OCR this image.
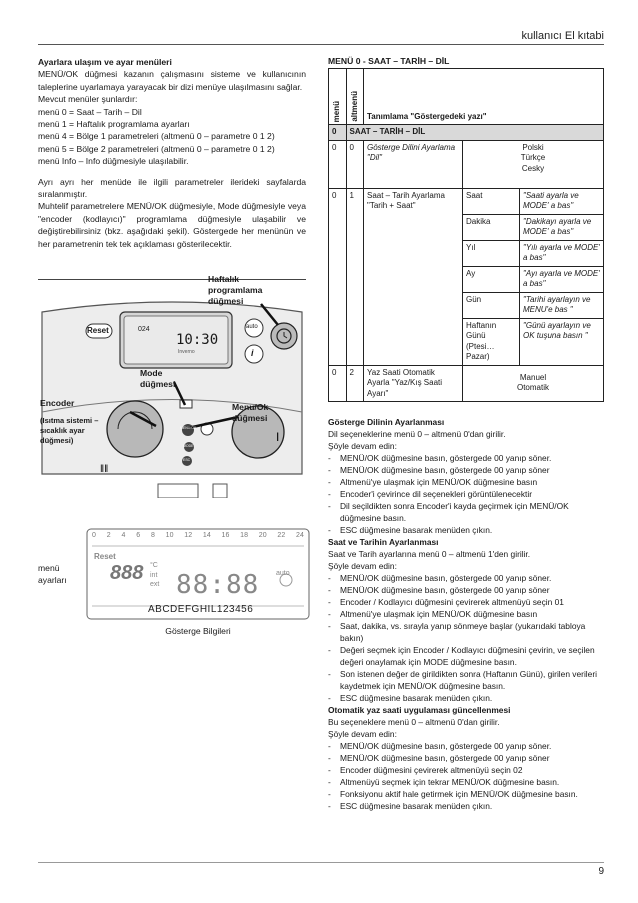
kullanıcı El kıtabi

Ayarlara ulaşım ve ayar menüleri

MENÜ/OK düğmesi kazanın çalışmasını sisteme ve kullanıcının taleplerine uyarlamaya yarayacak bir dizi menüye ulaşılmasını sağlar.

Mevcut menüler şunlardır:

menü 0 = Saat – Tarih – Dil

menü 1 = Haftalık programlama ayarları

menü 4 = Bölge 1 parametreleri (altmenü 0 – parametre 0 1 2)

menü 5 = Bölge 2 parametreleri (altmenü 0 – parametre 0 1 2)

menü Info – Info düğmesiyle ulaşılabilir.

Ayrı ayrı her menüde ile ilgili parametreler ilerideki sayfalarda sıralanmıştır.

Muhtelif parametrelere MENÜ/OK düğmesiyle, Mode düğmesiyle veya "encoder (kodlayıcı)" programlama düğmesiyle ulaşabilir ve değiştirebilirsiniz (bkz. aşağıdaki şekil). Göstergede her menünün ve her parametrenin tek tek açıklaması gösterilecektir.

‖‖
I
Haftalık programlama düğmesi
Reset	024
10:30
Inverno
auto
i
Mode düğmesi
Encoder
(Isıtma sistemi – sıcaklık ayar düğmesi)
Menu/Ok düğmesi
MENU/OK
MODE
ESC
menü ayarları
0 2 4 6 8 10 12 14 16 18 20 22 24
Reset
888 °C
int
ext 88:88 auto
ABCDEFGHIL123456
Gösterge Bilgileri
MENÜ 0 - SAAT – TARİH – DİL
menü	altmenü	Tanımlama "Göstergedeki yazı"		
0	SAAT – TARİH – DİL			
0	0	Gösterge Dilini Ayarlama "Dil"	Polski
Türkçe
Cesky	

0	1	Saat – Tarih Ayarlama "Tarih + Saat"	Saat	"Saati ayarla ve MODE' a bas"
			Dakika	"Dakikayı ayarla ve MODE' a bas"
			Yıl	"Yılı ayarla ve MODE' a bas"
			Ay	"Ayı ayarla ve MODE' a bas"
			Gün	"Tarihi ayarlayın ve MENU'e bas "
			Haftanın Günü (Ptesi… Pazar)	"Günü ayarlayın ve OK tuşuna basın "
0	2	Yaz Saati Otomatik Ayarla "Yaz/Kış Saati Ayarı"	Manuel
Otomatik	
Gösterge Dilinin Ayarlanması
Dil seçeneklerine menü 0 – altmenü 0'dan girilir.
Şöyle devam edin:
- MENÜ/OK düğmesine basın, göstergede 00 yanıp söner.
- MENÜ/OK düğmesine basın, göstergede 00 yanıp söner
- Altmenü'ye ulaşmak için MENÜ/OK düğmesine basın
- Encoder'i çevirince dil seçenekleri görüntülenecektir
- Dil seçildikten sonra Encoder'i kayda geçirmek için MENÜ/OK düğmesine basın.
- ESC düğmesine basarak menüden çıkın.
Saat ve Tarihin Ayarlanması
Saat ve Tarih ayarlarına menü 0 – altmenü 1'den girilir.
Şöyle devam edin:
- MENÜ/OK düğmesine basın, göstergede 00 yanıp söner.
- MENÜ/OK düğmesine basın, göstergede 00 yanıp söner
- Encoder / Kodlayıcı düğmesini çevirerek altmenüyü seçin 01
- Altmenü'ye ulaşmak için MENÜ/OK düğmesine basın
- Saat, dakika, vs. sırayla yanıp sönmeye başlar (yukarıdaki tabloya bakın)
- Değeri seçmek için Encoder / Kodlayıcı düğmesini çevirin, ve seçilen değeri onaylamak için MODE düğmesine basın.
- Son istenen değer de girildikten sonra (Haftanın Günü), girilen verileri kaydetmek için MENÜ/OK düğmesine basın.
- ESC düğmesine basarak menüden çıkın.
Otomatik yaz saati uygulaması güncellenmesi
Bu seçeneklere menü 0 – altmenü 0'dan girilir.
Şöyle devam edin:
- MENÜ/OK düğmesine basın, göstergede 00 yanıp söner.
- MENÜ/OK düğmesine basın, göstergede 00 yanıp söner
- Encoder düğmesini çevirerek altmenüyü seçin 02
- Altmenüyü seçmek için tekrar MENÜ/OK düğmesine basın.
- Fonksiyonu aktif hale getirmek için MENÜ/OK düğmesine basın.
- ESC düğmesine basarak menüden çıkın.
9
